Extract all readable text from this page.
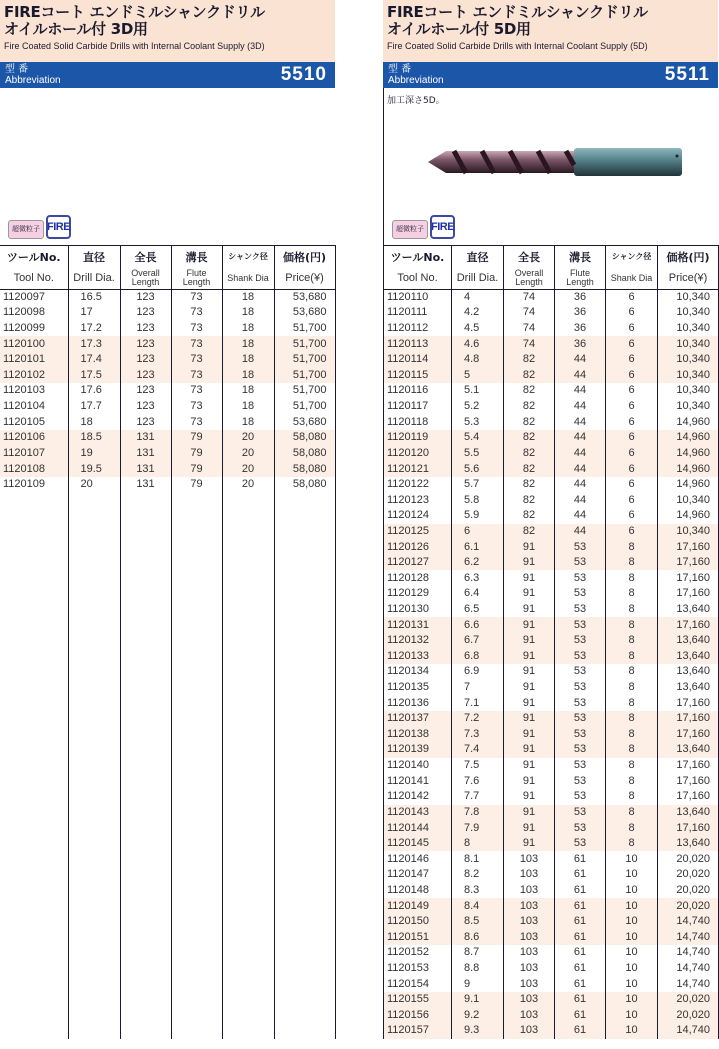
FIREコート エンドミルシャンクドリル
オイルホール付 3D用
Fire Coated Solid Carbide Drills with Internal Coolant Supply (3D)
型 番
Abbreviation	5510
超微粒子 FIRE
ツールNo.	直径	全長	溝長	シャンク径	価格(円)
Tool No.	Drill Dia.	Overall Length	Flute Length	Shank Dia	Price(¥)
1120097	16.5	123	73	18	53,680
1120098	17	123	73	18	53,680
1120099	17.2	123	73	18	51,700
1120100	17.3	123	73	18	51,700
1120101	17.4	123	73	18	51,700
1120102	17.5	123	73	18	51,700
1120103	17.6	123	73	18	51,700
1120104	17.7	123	73	18	51,700
1120105	18	123	73	18	53,680
1120106	18.5	131	79	20	58,080
1120107	19	131	79	20	58,080
1120108	19.5	131	79	20	58,080
1120109	20	131	79	20	58,080

FIREコート エンドミルシャンクドリル
オイルホール付 5D用
Fire Coated Solid Carbide Drills with Internal Coolant Supply (5D)
型 番
Abbreviation	5511
加工深さ5D。
超微粒子 FIRE
ツールNo.	直径	全長	溝長	シャンク径	価格(円)
Tool No.	Drill Dia.	Overall Length	Flute Length	Shank Dia	Price(¥)
1120110	4	74	36	6	10,340
1120111	4.2	74	36	6	10,340
1120112	4.5	74	36	6	10,340
1120113	4.6	74	36	6	10,340
1120114	4.8	82	44	6	10,340
1120115	5	82	44	6	10,340
1120116	5.1	82	44	6	10,340
1120117	5.2	82	44	6	10,340
1120118	5.3	82	44	6	14,960
1120119	5.4	82	44	6	14,960
1120120	5.5	82	44	6	14,960
1120121	5.6	82	44	6	14,960
1120122	5.7	82	44	6	14,960
1120123	5.8	82	44	6	10,340
1120124	5.9	82	44	6	14,960
1120125	6	82	44	6	10,340
1120126	6.1	91	53	8	17,160
1120127	6.2	91	53	8	17,160
1120128	6.3	91	53	8	17,160
1120129	6.4	91	53	8	17,160
1120130	6.5	91	53	8	13,640
1120131	6.6	91	53	8	17,160
1120132	6.7	91	53	8	13,640
1120133	6.8	91	53	8	13,640
1120134	6.9	91	53	8	13,640
1120135	7	91	53	8	13,640
1120136	7.1	91	53	8	17,160
1120137	7.2	91	53	8	17,160
1120138	7.3	91	53	8	17,160
1120139	7.4	91	53	8	13,640
1120140	7.5	91	53	8	17,160
1120141	7.6	91	53	8	17,160
1120142	7.7	91	53	8	17,160
1120143	7.8	91	53	8	13,640
1120144	7.9	91	53	8	17,160
1120145	8	91	53	8	13,640
1120146	8.1	103	61	10	20,020
1120147	8.2	103	61	10	20,020
1120148	8.3	103	61	10	20,020
1120149	8.4	103	61	10	20,020
1120150	8.5	103	61	10	14,740
1120151	8.6	103	61	10	14,740
1120152	8.7	103	61	10	14,740
1120153	8.8	103	61	10	14,740
1120154	9	103	61	10	14,740
1120155	9.1	103	61	10	20,020
1120156	9.2	103	61	10	20,020
1120157	9.3	103	61	10	14,740
